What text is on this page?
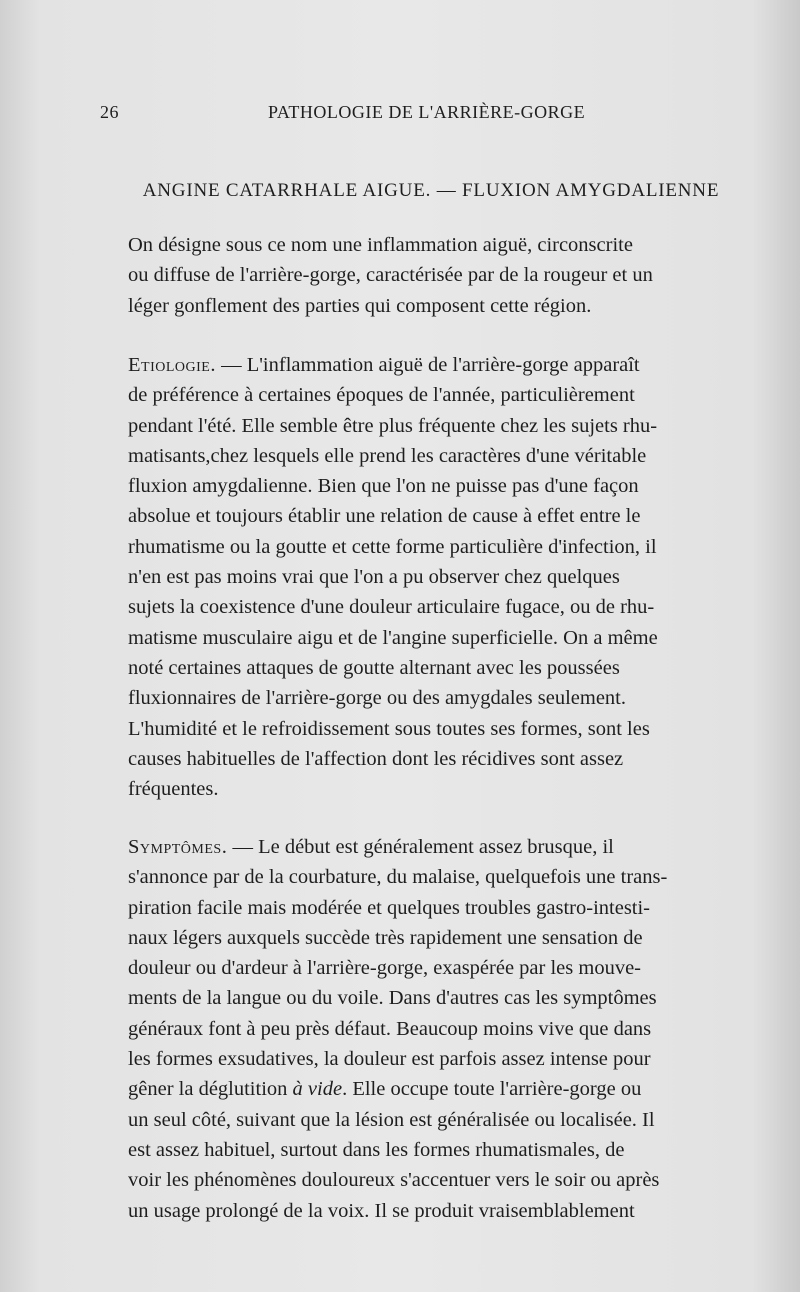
26	PATHOLOGIE DE L'ARRIÈRE-GORGE
ANGINE CATARRHALE AIGUE. — FLUXION AMYGDALIENNE

On désigne sous ce nom une inflammation aiguë, circonscrite
ou diffuse de l'arrière-gorge, caractérisée par de la rougeur et un
léger gonflement des parties qui composent cette région.

Etiologie. — L'inflammation aiguë de l'arrière-gorge apparaît
de préférence à certaines époques de l'année, particulièrement
pendant l'été. Elle semble être plus fréquente chez les sujets rhu-
matisants,chez lesquels elle prend les caractères d'une véritable
fluxion amygdalienne. Bien que l'on ne puisse pas d'une façon
absolue et toujours établir une relation de cause à effet entre le
rhumatisme ou la goutte et cette forme particulière d'infection, il
n'en est pas moins vrai que l'on a pu observer chez quelques
sujets la coexistence d'une douleur articulaire fugace, ou de rhu-
matisme musculaire aigu et de l'angine superficielle. On a même
noté certaines attaques de goutte alternant avec les poussées
fluxionnaires de l'arrière-gorge ou des amygdales seulement.
L'humidité et le refroidissement sous toutes ses formes, sont les
causes habituelles de l'affection dont les récidives sont assez
fréquentes.

Symptômes. — Le début est généralement assez brusque, il
s'annonce par de la courbature, du malaise, quelquefois une trans-
piration facile mais modérée et quelques troubles gastro-intesti-
naux légers auxquels succède très rapidement une sensation de
douleur ou d'ardeur à l'arrière-gorge, exaspérée par les mouve-
ments de la langue ou du voile. Dans d'autres cas les symptômes
généraux font à peu près défaut. Beaucoup moins vive que dans
les formes exsudatives, la douleur est parfois assez intense pour
gêner la déglutition à vide. Elle occupe toute l'arrière-gorge ou
un seul côté, suivant que la lésion est généralisée ou localisée. Il
est assez habituel, surtout dans les formes rhumatismales, de
voir les phénomènes douloureux s'accentuer vers le soir ou après
un usage prolongé de la voix. Il se produit vraisemblablement
